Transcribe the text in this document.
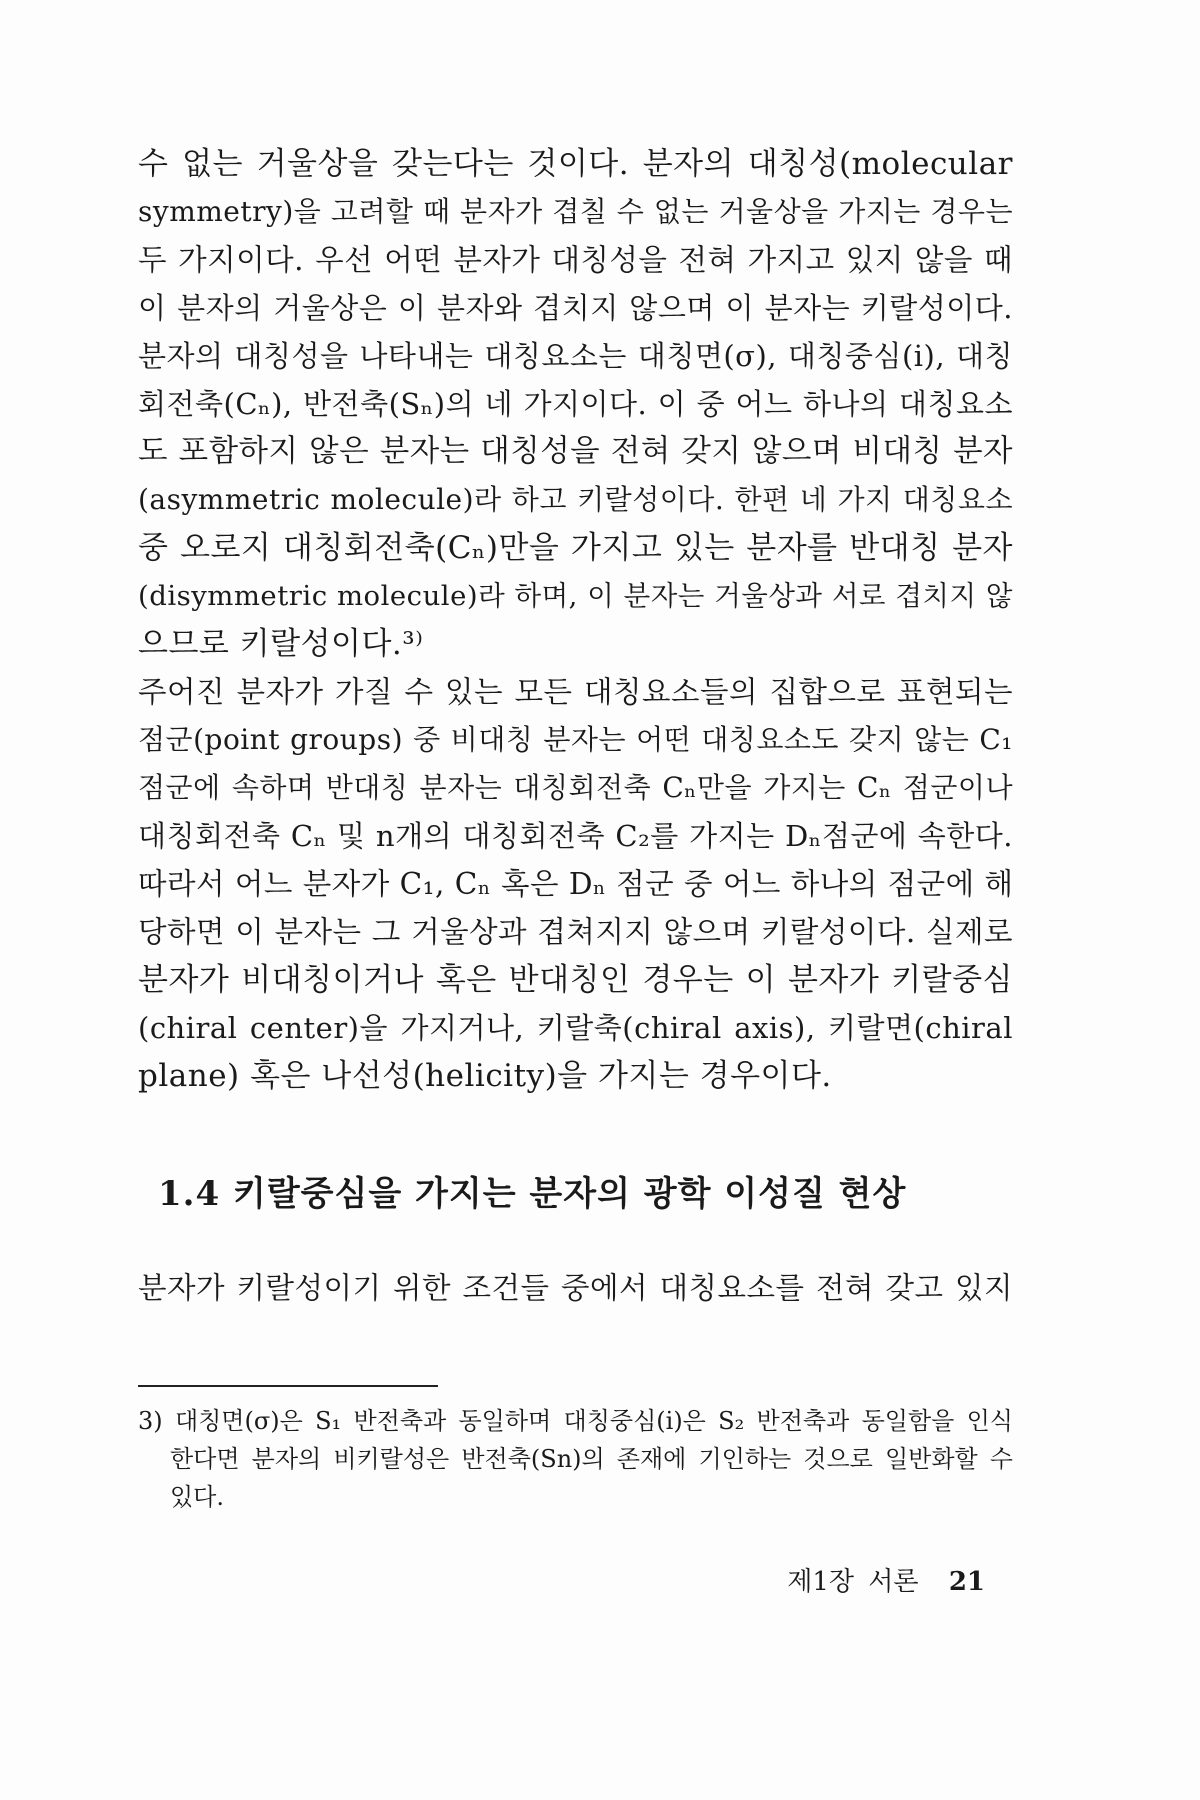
수 없는 거울상을 갖는다는 것이다. 분자의 대칭성(molecular
symmetry)을 고려할 때 분자가 겹칠 수 없는 거울상을 가지는 경우는
두 가지이다. 우선 어떤 분자가 대칭성을 전혀 가지고 있지 않을 때
이 분자의 거울상은 이 분자와 겹치지 않으며 이 분자는 키랄성이다.
분자의 대칭성을 나타내는 대칭요소는 대칭면(σ), 대칭중심(i), 대칭
회전축(Cₙ), 반전축(Sₙ)의 네 가지이다. 이 중 어느 하나의 대칭요소
도 포함하지 않은 분자는 대칭성을 전혀 갖지 않으며 비대칭 분자
(asymmetric molecule)라 하고 키랄성이다. 한편 네 가지 대칭요소
중 오로지 대칭회전축(Cₙ)만을 가지고 있는 분자를 반대칭 분자
(disymmetric molecule)라 하며, 이 분자는 거울상과 서로 겹치지 않
으므로 키랄성이다.³⁾
주어진 분자가 가질 수 있는 모든 대칭요소들의 집합으로 표현되는
점군(point groups) 중 비대칭 분자는 어떤 대칭요소도 갖지 않는 C₁
점군에 속하며 반대칭 분자는 대칭회전축 Cₙ만을 가지는 Cₙ 점군이나
대칭회전축 Cₙ 및 n개의 대칭회전축 C₂를 가지는 Dₙ점군에 속한다.
따라서 어느 분자가 C₁, Cₙ 혹은 Dₙ 점군 중 어느 하나의 점군에 해
당하면 이 분자는 그 거울상과 겹쳐지지 않으며 키랄성이다. 실제로
분자가 비대칭이거나 혹은 반대칭인 경우는 이 분자가 키랄중심
(chiral center)을 가지거나, 키랄축(chiral axis), 키랄면(chiral
plane) 혹은 나선성(helicity)을 가지는 경우이다.
1.4 키랄중심을 가지는 분자의 광학 이성질 현상
분자가 키랄성이기 위한 조건들 중에서 대칭요소를 전혀 갖고 있지
3) 대칭면(σ)은 S₁ 반전축과 동일하며 대칭중심(i)은 S₂ 반전축과 동일함을 인식
한다면 분자의 비키랄성은 반전축(Sn)의 존재에 기인하는 것으로 일반화할 수
있다.
제1장 서론 21
